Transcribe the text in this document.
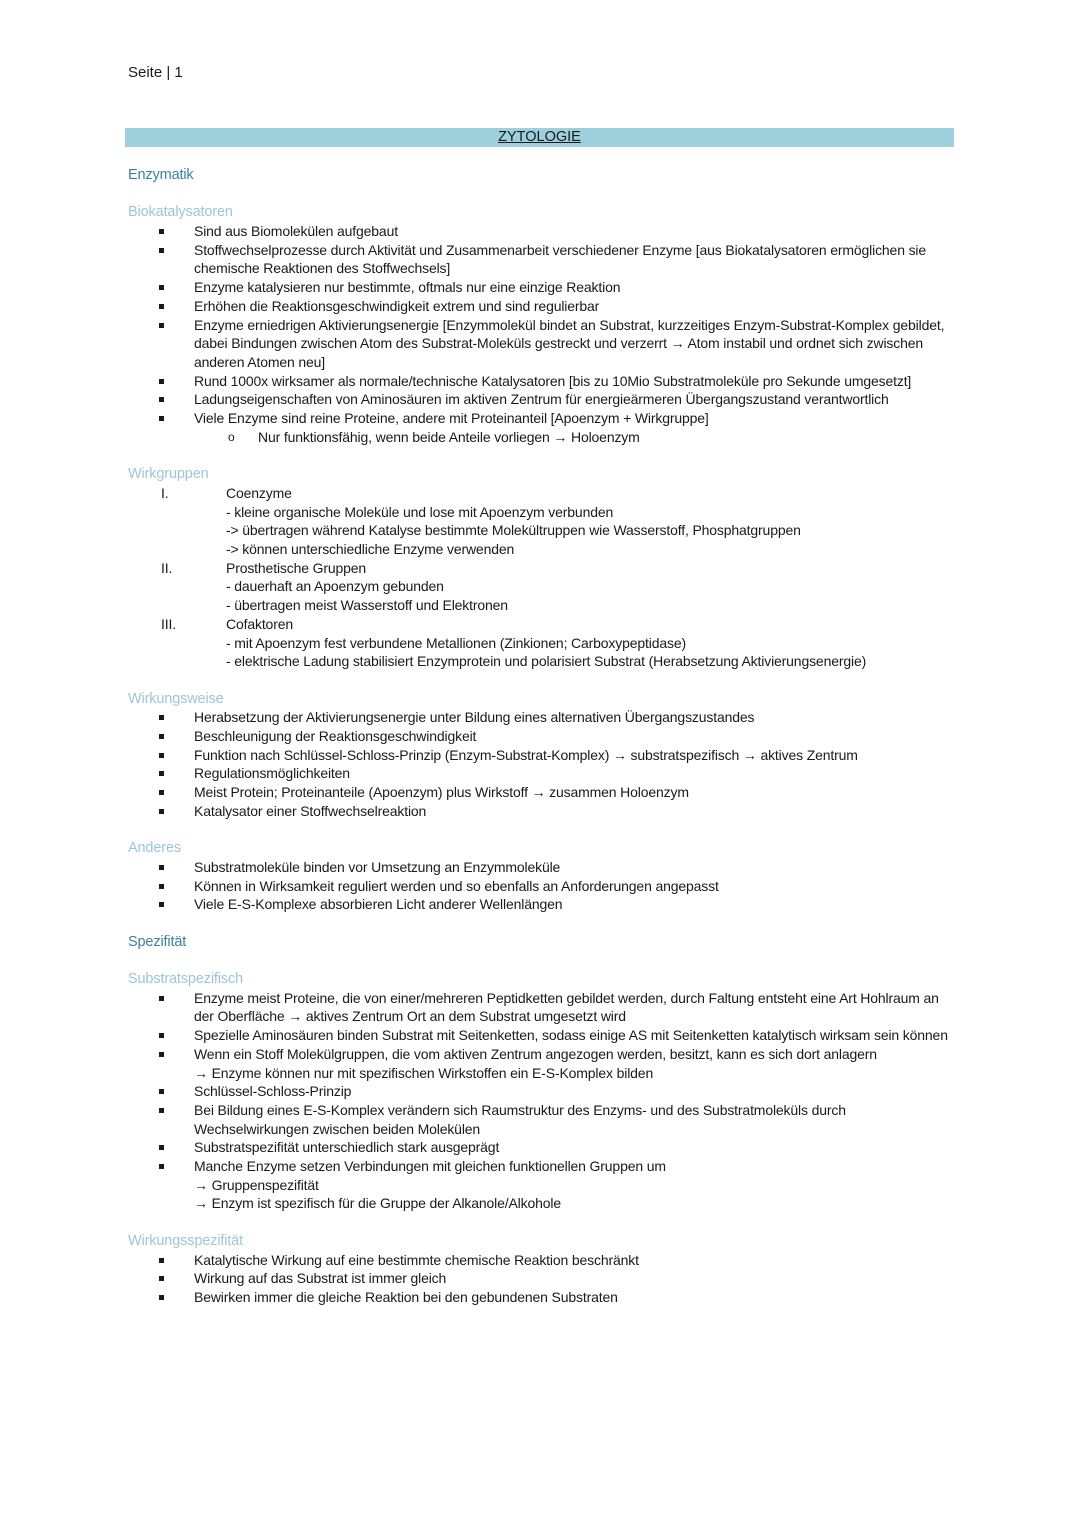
Seite | 1
ZYTOLOGIE
Enzymatik
Biokatalysatoren
Sind aus Biomolekülen aufgebaut
Stoffwechselprozesse durch Aktivität und Zusammenarbeit verschiedener Enzyme [aus Biokatalysatoren ermöglichen sie chemische Reaktionen des Stoffwechsels]
Enzyme katalysieren nur bestimmte, oftmals nur eine einzige Reaktion
Erhöhen die Reaktionsgeschwindigkeit extrem und sind regulierbar
Enzyme erniedrigen Aktivierungsenergie [Enzymmolekül bindet an Substrat, kurzzeitiges Enzym-Substrat-Komplex gebildet, dabei Bindungen zwischen Atom des Substrat-Moleküls gestreckt und verzerrt → Atom instabil und ordnet sich zwischen anderen Atomen neu]
Rund 1000x wirksamer als normale/technische Katalysatoren [bis zu 10Mio Substratmoleküle pro Sekunde umgesetzt]
Ladungseigenschaften von Aminosäuren im aktiven Zentrum für energieärmeren Übergangszustand verantwortlich
Viele Enzyme sind reine Proteine, andere mit Proteinanteil [Apoenzym + Wirkgruppe]
o Nur funktionsfähig, wenn beide Anteile vorliegen → Holoenzym
Wirkgruppen
I.	Coenzyme
- kleine organische Moleküle und lose mit Apoenzym verbunden
-> übertragen während Katalyse bestimmte Molekültruppen wie Wasserstoff, Phosphatgruppen
-> können unterschiedliche Enzyme verwenden
II.	Prosthetische Gruppen
- dauerhaft an Apoenzym gebunden
- übertragen meist Wasserstoff und Elektronen
III.	Cofaktoren
- mit Apoenzym fest verbundene Metallionen (Zinkionen; Carboxypeptidase)
- elektrische Ladung stabilisiert Enzymprotein und polarisiert Substrat (Herabsetzung Aktivierungsenergie)
Wirkungsweise
Herabsetzung der Aktivierungsenergie unter Bildung eines alternativen Übergangszustandes
Beschleunigung der Reaktionsgeschwindigkeit
Funktion nach Schlüssel-Schloss-Prinzip (Enzym-Substrat-Komplex) → substratspezifisch → aktives Zentrum
Regulationsmöglichkeiten
Meist Protein; Proteinanteile (Apoenzym) plus Wirkstoff → zusammen Holoenzym
Katalysator einer Stoffwechselreaktion
Anderes
Substratmoleküle binden vor Umsetzung an Enzymmoleküle
Können in Wirksamkeit reguliert werden und so ebenfalls an Anforderungen angepasst
Viele E-S-Komplexe absorbieren Licht anderer Wellenlängen
Spezifität
Substratspezifisch
Enzyme meist Proteine, die von einer/mehreren Peptidketten gebildet werden, durch Faltung entsteht eine Art Hohlraum an der Oberfläche → aktives Zentrum Ort an dem Substrat umgesetzt wird
Spezielle Aminosäuren binden Substrat mit Seitenketten, sodass einige AS mit Seitenketten katalytisch wirksam sein können
Wenn ein Stoff Molekülgruppen, die vom aktiven Zentrum angezogen werden, besitzt, kann es sich dort anlagern
→ Enzyme können nur mit spezifischen Wirkstoffen ein E-S-Komplex bilden
Schlüssel-Schloss-Prinzip
Bei Bildung eines E-S-Komplex verändern sich Raumstruktur des Enzyms- und des Substratmoleküls durch Wechselwirkungen zwischen beiden Molekülen
Substratspezifität unterschiedlich stark ausgeprägt
Manche Enzyme setzen Verbindungen mit gleichen funktionellen Gruppen um
→ Gruppenspezifität
→ Enzym ist spezifisch für die Gruppe der Alkanole/Alkohole
Wirkungsspezifität
Katalytische Wirkung auf eine bestimmte chemische Reaktion beschränkt
Wirkung auf das Substrat ist immer gleich
Bewirken immer die gleiche Reaktion bei den gebundenen Substraten
